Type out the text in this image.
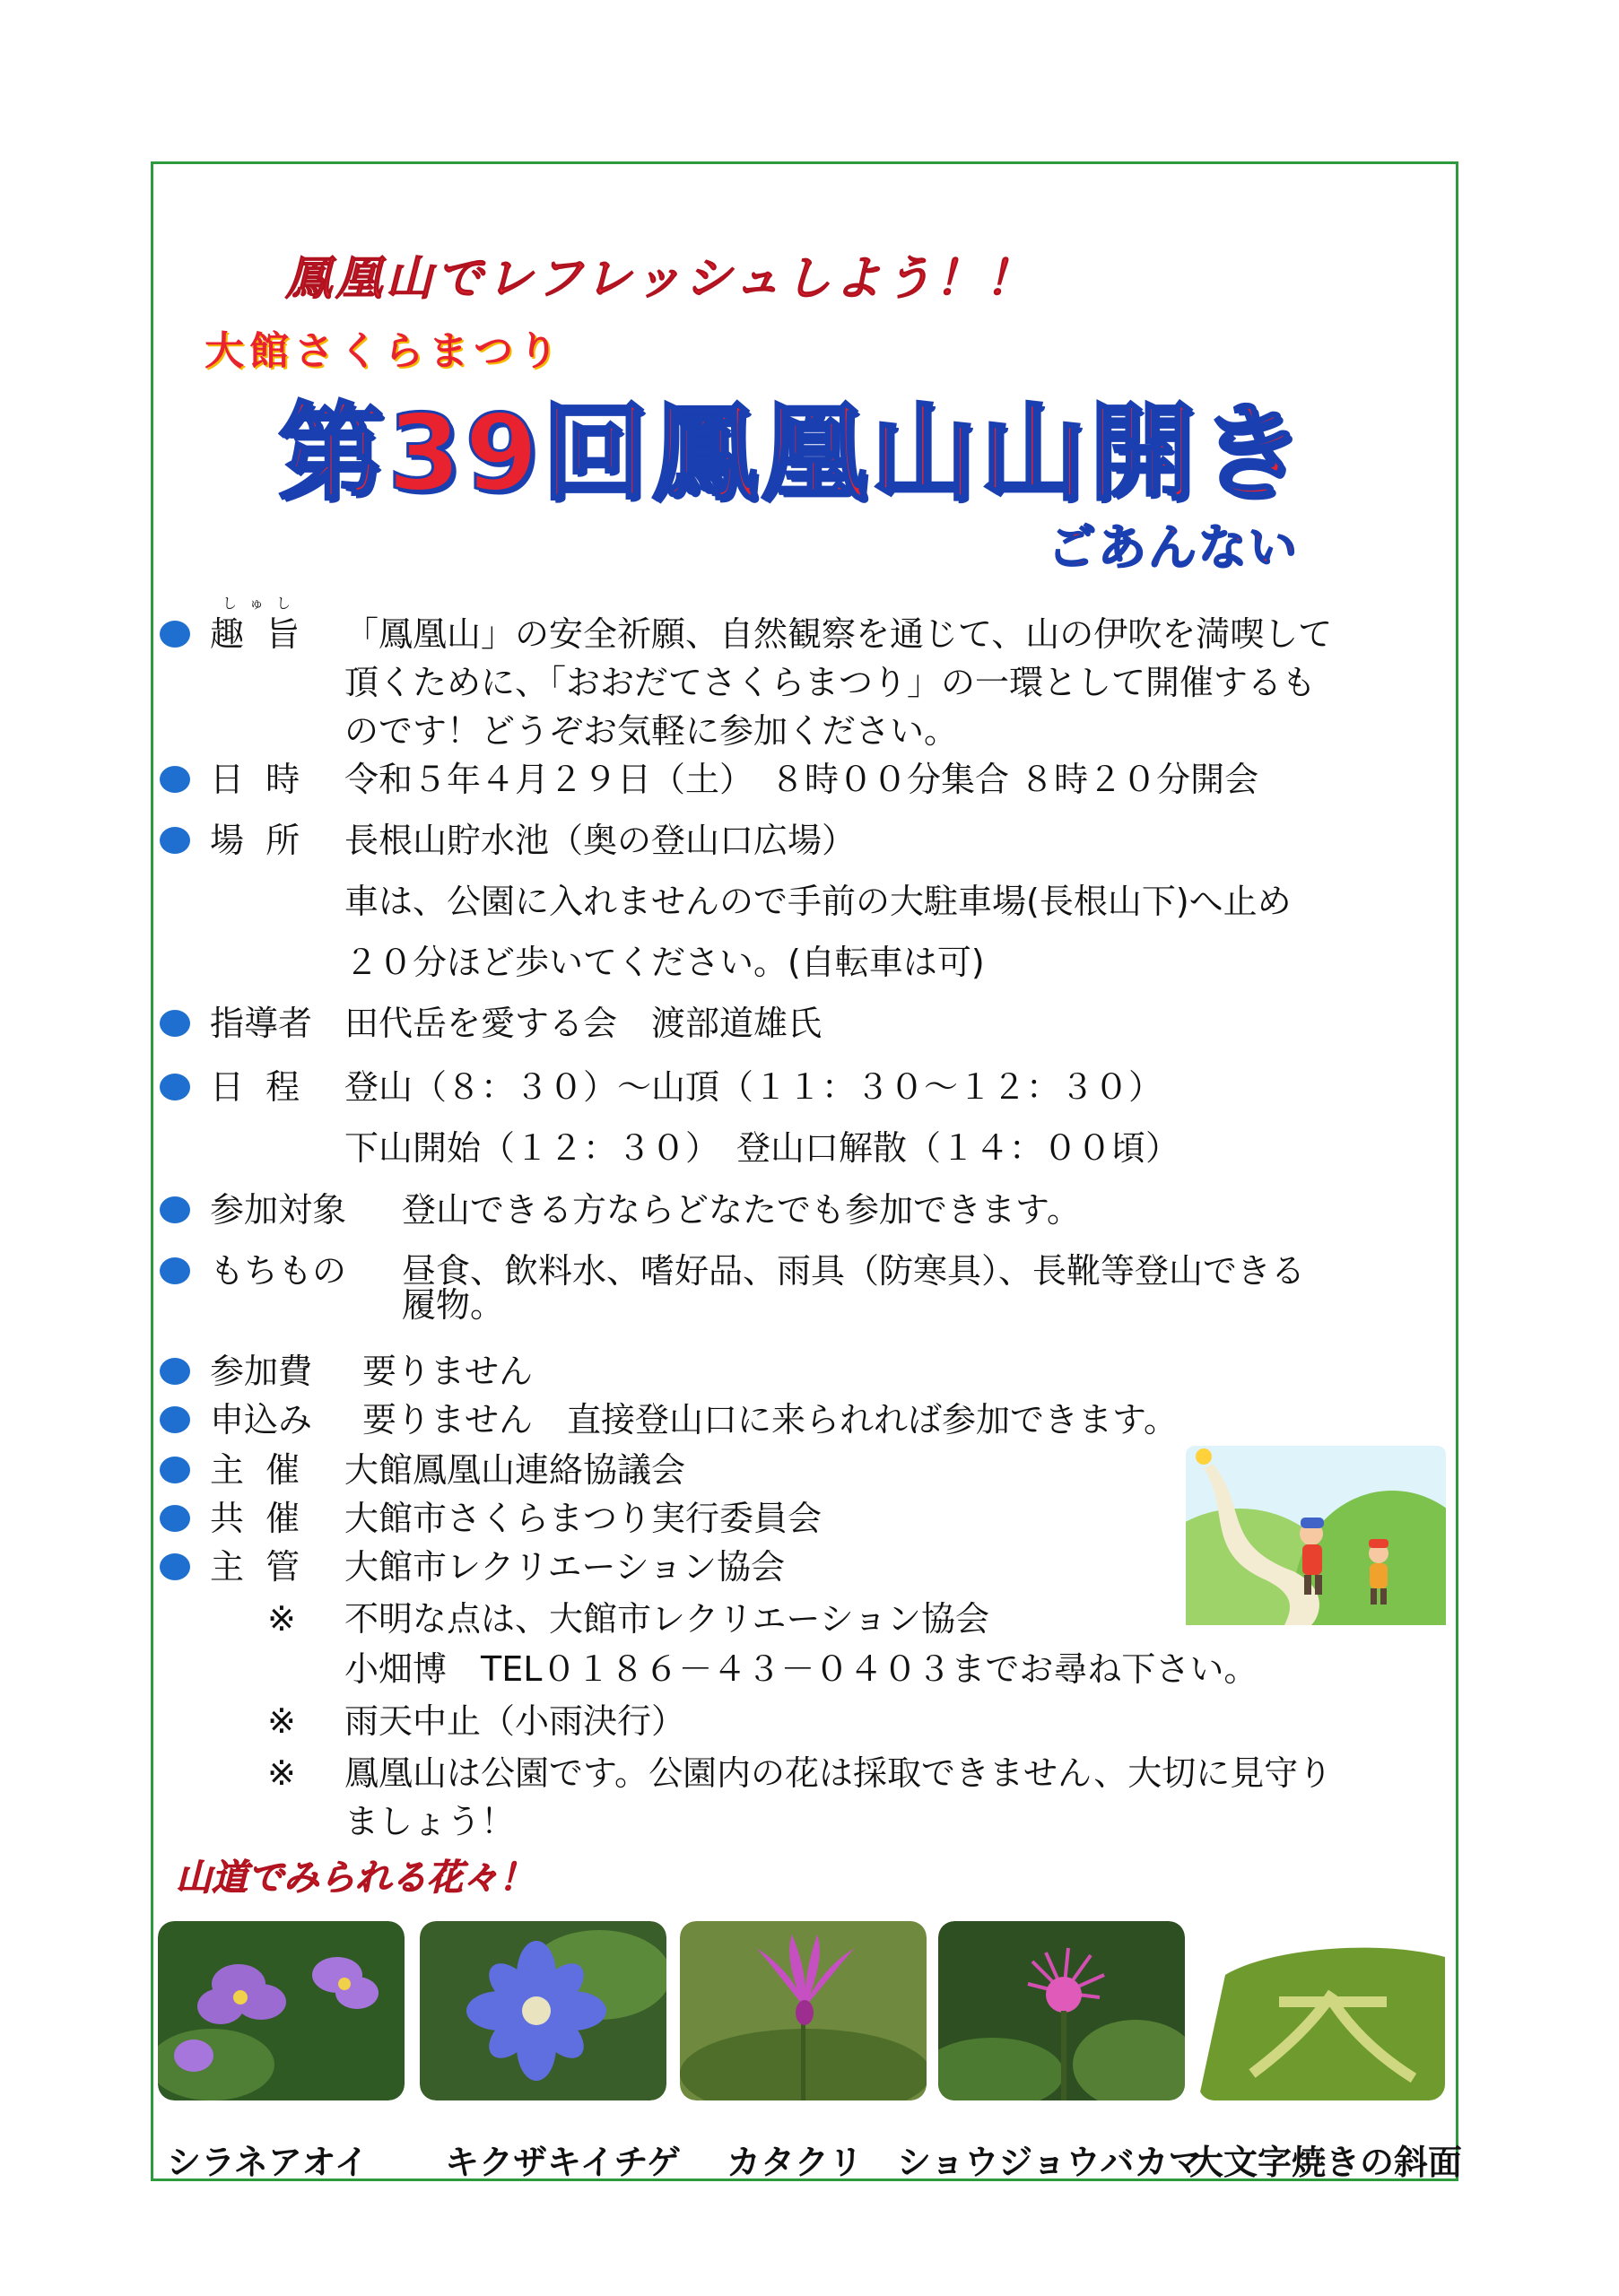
鳳凰山でレフレッシュしよう！！
大館さくらまつり
第39回鳳凰山山開き
ごあんない
しゅし
趣 旨 「鳳凰山」の安全祈願、自然観察を通じて、山の伊吹を満喫して
頂くために、「おおだてさくらまつり」の一環として開催するも
のです！どうぞお気軽に参加ください。
日 時 令和５年４月２９日（土）　８時００分集合 ８時２０分開会
場 所 長根山貯水池（奥の登山口広場）
車は、公園に入れませんので手前の大駐車場(長根山下)へ止め
２０分ほど歩いてください。(自転車は可)
指導者 田代岳を愛する会　渡部道雄氏
日 程 登山（８：３０）～山頂（１１：３０～１２：３０）
下山開始（１２：３０）　登山口解散（１４：００頃）
参加対象 登山できる方ならどなたでも参加できます。
もちもの 昼食、飲料水、嗜好品、雨具（防寒具）、長靴等登山できる
履物。
参加費 要りません
申込み 要りません　直接登山口に来られれば参加できます。
主 催 大館鳳凰山連絡協議会
共 催 大館市さくらまつり実行委員会
主 管 大館市レクリエーション協会
※ 不明な点は、大館市レクリエーション協会
小畑博　TEL０１８６－４３－０４０３までお尋ね下さい。
※ 雨天中止（小雨決行）
※ 鳳凰山は公園です。公園内の花は採取できません、大切に見守り
ましょう！
山道でみられる花々！
シラネアオイ キクザキイチゲ カタクリ ショウジョウバカマ
大文字焼きの斜面
